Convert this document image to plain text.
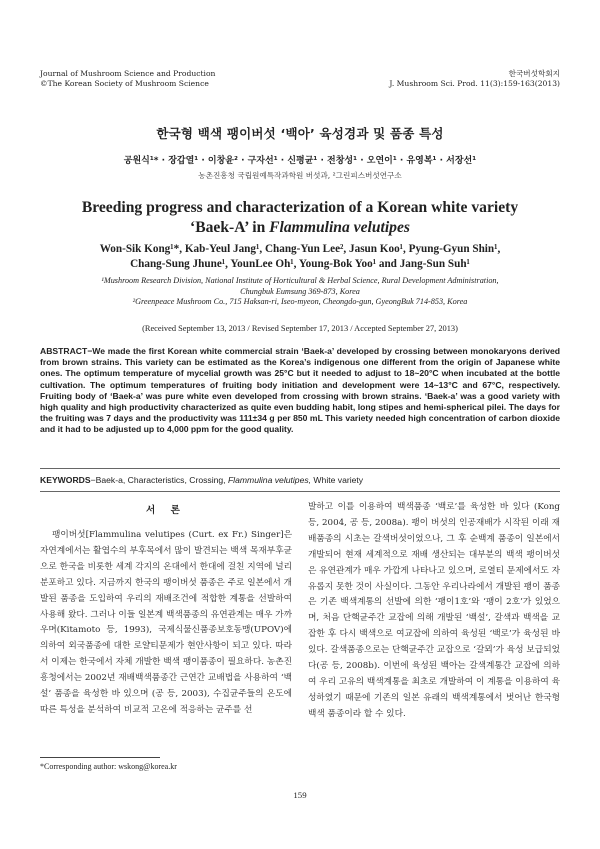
Journal of Mushroom Science and Production
©The Korean Society of Mushroom Science
한국버섯학회지
J. Mushroom Sci. Prod. 11(3):159-163(2013)
한국형 백색 팽이버섯 ‘백아’ 육성경과 및 품종 특성
공원식¹* · 장갑열¹ · 이창윤² · 구자선¹ · 신평균¹ · 전창성¹ · 오연이¹ · 유영복¹ · 서장선¹
농촌진흥청 국립원예특작과학원 버섯과, ²그린피스버섯연구소
Breeding progress and characterization of a Korean white variety
‘Baek-A’ in Flammulina velutipes
Won-Sik Kong¹*, Kab-Yeul Jang¹, Chang-Yun Lee², Jasun Koo¹, Pyung-Gyun Shin¹,
Chang-Sung Jhune¹, YounLee Oh¹, Young-Bok Yoo¹ and Jang-Sun Suh¹
¹Mushroom Research Division, National Institute of Horticultural & Herbal Science, Rural Development Administration,
Chungbuk Eumsung 369-873, Korea
²Greenpeace Mushroom Co., 715 Haksan-ri, Iseo-myeon, Cheongdo-gun, GyeongBuk 714-853, Korea
(Received September 13, 2013 / Revised September 17, 2013 / Accepted September 27, 2013)
ABSTRACT−We made the first Korean white commercial strain ‘Baek-a’ developed by crossing between monokaryons derived from brown strains. This variety can be estimated as the Korea’s indigenous one different from the origin of Japanese white ones. The optimum temperature of mycelial growth was 25°C but it needed to adjust to 18~20°C when incubated at the bottle cultivation. The optimum temperatures of fruiting body initiation and development were 14~13°C and 67°C, respectively. Fruiting body of ‘Baek-a’ was pure white even developed from crossing with brown strains. ‘Baek-a’ was a good variety with high quality and high productivity characterized as quite even budding habit, long stipes and hemi-spherical pilei. The days for the fruiting was 7 days and the productivity was 111±34 g per 850 mL This variety needed high concentration of carbon dioxide and it had to be adjusted up to 4,000 ppm for the good quality.
KEYWORDS−Baek-a, Characteristics, Crossing, Flammulina velutipes, White variety
서 론

팽이버섯[Flammulina velutipes (Curt. ex Fr.) Singer]은 자연계에서는 활엽수의 부후목에서 많이 발견되는 백색 목재부후균으로 한국을 비롯한 세계 각지의 온대에서 한대에 걸친 지역에 널리 분포하고 있다. 지금까지 한국의 팽이버섯 품종은 주로 일본에서 개발된 품종을 도입하여 우리의 재배조건에 적합한 계통을 선발하여 사용해 왔다. 그러나 이들 일본계 백색품종의 유연관계는 매우 가까우며(Kitamoto 등, 1993), 국제식물신품종보호동맹(UPOV)에 의하여 외국품종에 대한 로얄티문제가 현안사항이 되고 있다. 따라서 이제는 한국에서 자체 개발한 백색 팽이품종이 필요하다. 농촌진흥청에서는 2002년 재배백색품종간 근연간 교배법을 사용하여 ‘백설’ 품종을 육성한 바 있으며 (공 등, 2003), 수집균주들의 온도에 따른 특성을 분석하여 비교적 고온에 적응하는 균주를 선

발하고 이를 이용하여 백색품종 ‘백로’를 육성한 바 있다 (Kong 등, 2004, 공 등, 2008a). 팽이 버섯의 인공재배가 시작된 이래 재배품종의 시초는 갈색버섯이었으나, 그 후 순백계 품종이 일본에서 개발되어 현재 세계적으로 재배 생산되는 대부분의 백색 팽이버섯은 유연관계가 매우 가깝게 나타나고 있으며, 로열티 문제에서도 자유롭지 못한 것이 사실이다. 그동안 우리나라에서 개발된 팽이 품종은 기존 백색계통의 선발에 의한 ‘팽이1호’와 ‘팽이 2호’가 있었으며, 처음 단핵균주간 교잡에 의해 개발된 ‘백설’, 갈색과 백색을 교잡한 후 다시 백색으로 여교잡에 의하여 육성된 ‘백로’가 육성된 바 있다. 갈색품종으로는 단핵균주간 교잡으로 ‘갈뫼’가 육성 보급되었다(공 등, 2008b). 이번에 육성된 백아는 갈색계통간 교잡에 의하여 우리 고유의 백색계통을 최초로 개발하여 이 계통을 이용하여 육성하였기 때문에 기존의 일본 유래의 백색계통에서 벗어난 한국형 백색 품종이라 할 수 있다.

*Corresponding author: wskong@korea.kr
159
